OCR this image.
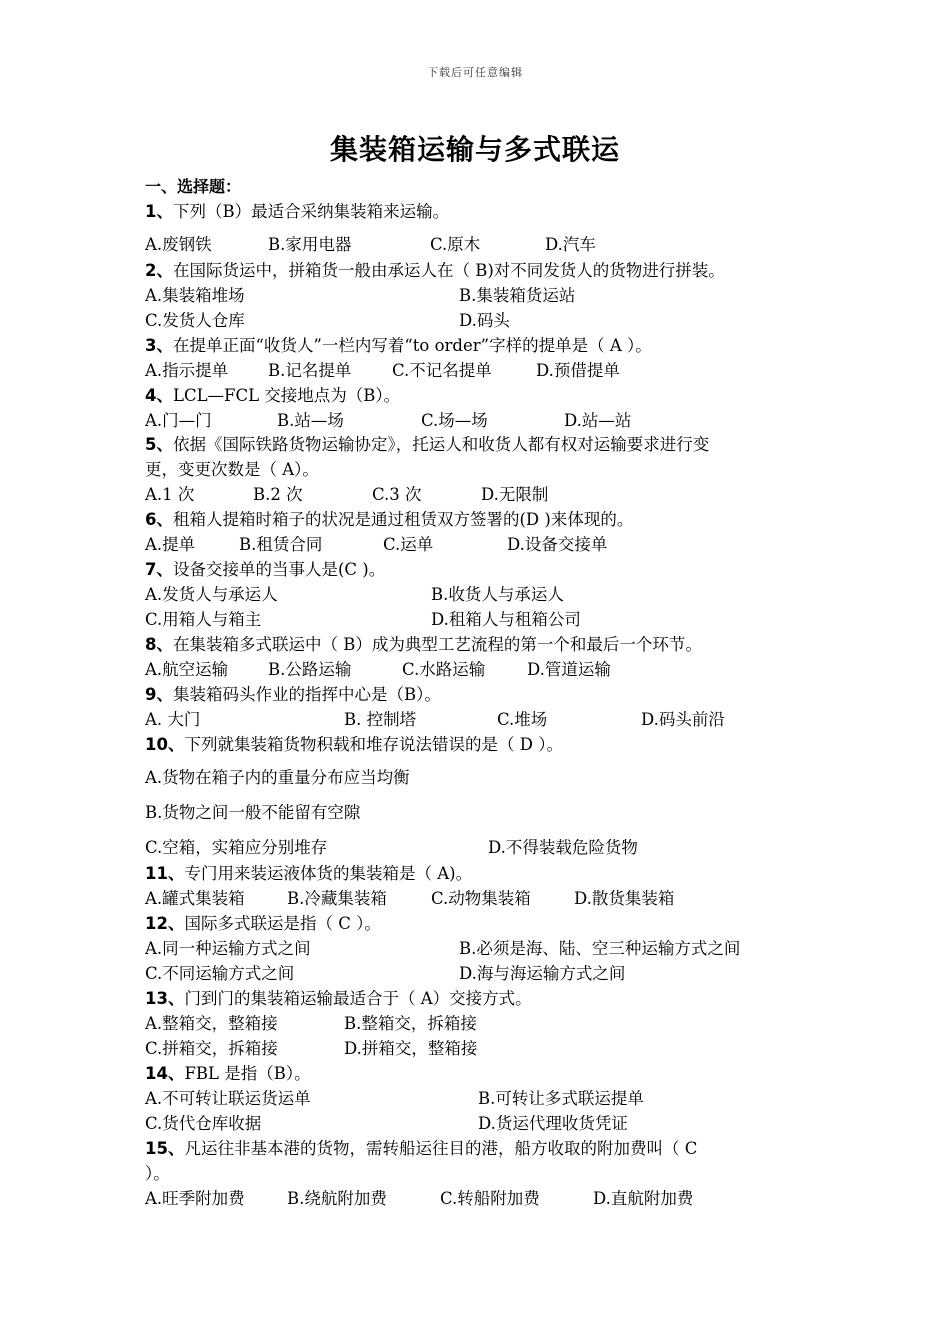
下载后可任意编辑
集装箱运输与多式联运
一、选择题：
1、下列（B）最适合采纳集装箱来运输。
A.废钢铁	B.家用电器	C.原木	D.汽车
2、在国际货运中，拼箱货一般由承运人在（ B)对不同发货人的货物进行拼装。
A.集装箱堆场	B.集装箱货运站
C.发货人仓库	D.码头
3、在提单正面“收货人”一栏内写着“to order”字样的提单是（ A ）。
A.指示提单 B.记名提单 C.不记名提单	D.预借提单
4、LCL—FCL 交接地点为（B）。
A.门—门	B.站—场	C.场—场	D.站—站
5、依据《国际铁路货物运输协定》，托运人和收货人都有权对运输要求进行变
更，变更次数是（ A）。
A.1 次	B.2 次	C.3 次	D.无限制
6、租箱人提箱时箱子的状况是通过租赁双方签署的(D )来体现的。
A.提单	B.租赁合同	C.运单	D.设备交接单
7、设备交接单的当事人是(C )。
A.发货人与承运人	B.收货人与承运人
C.用箱人与箱主	D.租箱人与租箱公司
8、在集装箱多式联运中（ B）成为典型工艺流程的第一个和最后一个环节。
A.航空运输 B.公路运输	C.水路运输	D.管道运输
9、集装箱码头作业的指挥中心是（B）。
A. 大门	B. 控制塔	C.堆场	D.码头前沿
10、下列就集装箱货物积载和堆存说法错误的是（ D ）。
A.货物在箱子内的重量分布应当均衡
B.货物之间一般不能留有空隙
C.空箱，实箱应分别堆存	D.不得装载危险货物
11、专门用来装运液体货的集装箱是（ A)。
A.罐式集装箱	B.冷藏集装箱	C.动物集装箱	D.散货集装箱
12、国际多式联运是指（ C ）。
A.同一种运输方式之间	B.必须是海、陆、空三种运输方式之间
C.不同运输方式之间	D.海与海运输方式之间
13、门到门的集装箱运输最适合于（ A）交接方式。
A.整箱交，整箱接	B.整箱交，拆箱接
C.拼箱交，拆箱接	D.拼箱交，整箱接
14、FBL 是指（B）。
A.不可转让联运货运单	B.可转让多式联运提单
C.货代仓库收据	D.货运代理收货凭证
15、凡运往非基本港的货物，需转船运往目的港，船方收取的附加费叫（ C
）。
A.旺季附加费	B.绕航附加费	C.转船附加费	D.直航附加费
